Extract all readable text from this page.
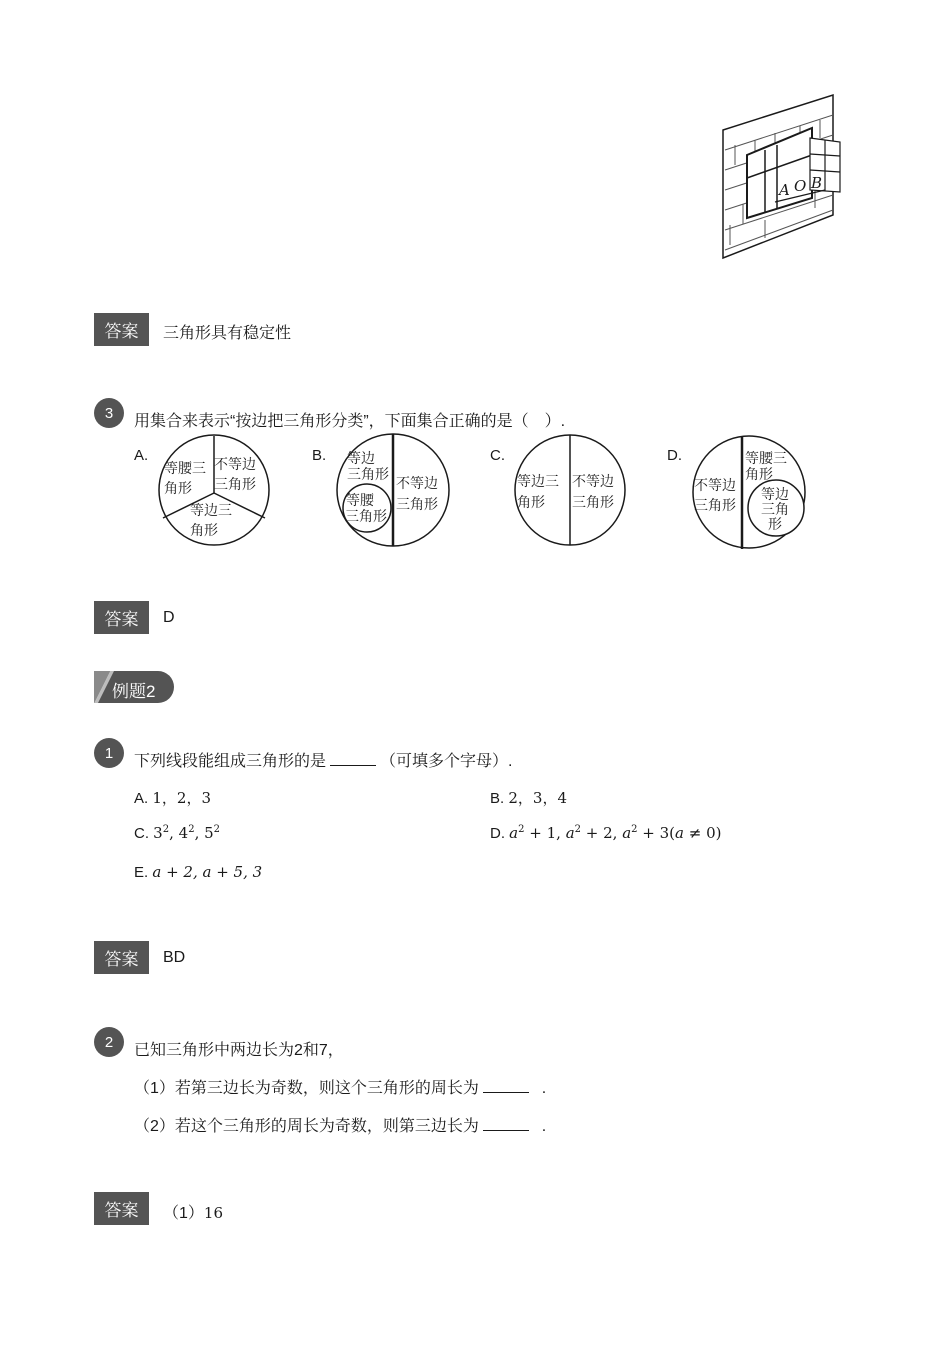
A O B
答案	三角形具有稳定性
3	用集合来表示“按边把三角形分类”，下面集合正确的是（　）.
A.
等腰三
角形
不等边
三角形
等边三
角形
B. 等边
三角形
等腰
三角形
不等边
三角形
C.
等边三
角形
不等边
三角形
D.
不等边
三角形
等腰三
角形
等边
三角
形
答案	D
例题2
1	下列线段能组成三角形的是	（可填多个字母）.
A. 1，2，3	B. 2，3，4
C. $3^2$, $4^2$, $5^2$	D. $a^2 + 1$, $a^2 + 2$, $a^2 + 3(a \ne 0)$
E. a + 2, a + 5, 3
答案	BD
2	已知三角形中两边长为2和7，
（1）若第三边长为奇数，则这个三角形的周长为	.
（2）若这个三角形的周长为奇数，则第三边长为	.
答案	（1）16
